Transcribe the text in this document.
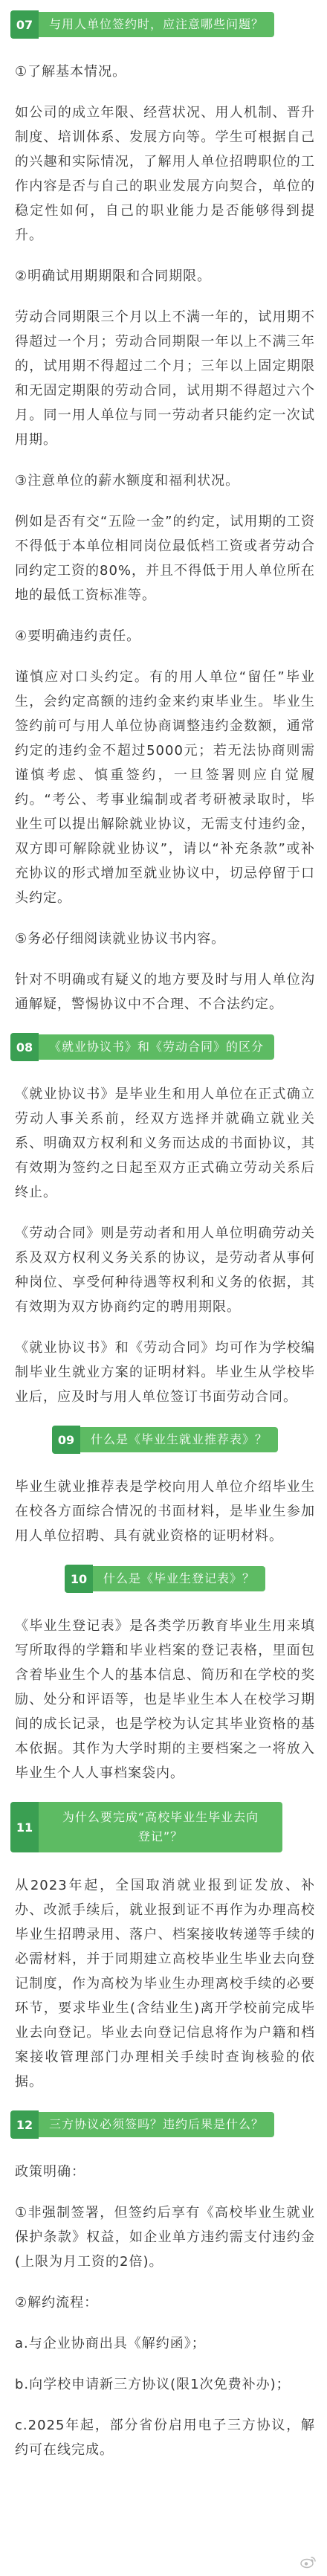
07	与用人单位签约时，应注意哪些问题？

①了解基本情况。

如公司的成立年限、经营状况、用人机制、晋升制度、培训体系、发展方向等。学生可根据自己的兴趣和实际情况，了解用人单位招聘职位的工作内容是否与自己的职业发展方向契合，单位的稳定性如何，自己的职业能力是否能够得到提升。

②明确试用期期限和合同期限。

劳动合同期限三个月以上不满一年的，试用期不得超过一个月；劳动合同期限一年以上不满三年的，试用期不得超过二个月；三年以上固定期限和无固定期限的劳动合同，试用期不得超过六个月。同一用人单位与同一劳动者只能约定一次试用期。

③注意单位的薪水额度和福利状况。

例如是否有交“五险一金”的约定，试用期的工资不得低于本单位相同岗位最低档工资或者劳动合同约定工资的80%，并且不得低于用人单位所在地的最低工资标准等。

④要明确违约责任。

谨慎应对口头约定。有的用人单位“留任”毕业生，会约定高额的违约金来约束毕业生。毕业生签约前可与用人单位协商调整违约金数额，通常约定的违约金不超过5000元；若无法协商则需谨慎考虑、慎重签约，一旦签署则应自觉履约。“考公、考事业编制或者考研被录取时，毕业生可以提出解除就业协议，无需支付违约金，双方即可解除就业协议”，请以“补充条款”或补充协议的形式增加至就业协议中，切忌停留于口头约定。

⑤务必仔细阅读就业协议书内容。

针对不明确或有疑义的地方要及时与用人单位沟通解疑，警惕协议中不合理、不合法约定。

08	《就业协议书》和《劳动合同》的区分

《就业协议书》是毕业生和用人单位在正式确立劳动人事关系前，经双方选择并就确立就业关系、明确双方权利和义务而达成的书面协议，其有效期为签约之日起至双方正式确立劳动关系后终止。

《劳动合同》则是劳动者和用人单位明确劳动关系及双方权利义务关系的协议，是劳动者从事何种岗位、享受何种待遇等权利和义务的依据，其有效期为双方协商约定的聘用期限。

《就业协议书》和《劳动合同》均可作为学校编制毕业生就业方案的证明材料。毕业生从学校毕业后，应及时与用人单位签订书面劳动合同。

09	什么是《毕业生就业推荐表》？

毕业生就业推荐表是学校向用人单位介绍毕业生在校各方面综合情况的书面材料，是毕业生参加用人单位招聘、具有就业资格的证明材料。

10	什么是《毕业生登记表》？

《毕业生登记表》是各类学历教育毕业生用来填写所取得的学籍和毕业档案的登记表格，里面包含着毕业生个人的基本信息、简历和在学校的奖励、处分和评语等，也是毕业生本人在校学习期间的成长记录，也是学校为认定其毕业资格的基本依据。其作为大学时期的主要档案之一将放入毕业生个人人事档案袋内。

11
为什么要完成“高校毕业生毕业去向登记”？

从2023年起，全国取消就业报到证发放、补办、改派手续后，就业报到证不再作为办理高校毕业生招聘录用、落户、档案接收转递等手续的必需材料，并于同期建立高校毕业生毕业去向登记制度，作为高校为毕业生办理离校手续的必要环节，要求毕业生(含结业生)离开学校前完成毕业去向登记。毕业去向登记信息将作为户籍和档案接收管理部门办理相关手续时查询核验的依据。

12	三方协议必须签吗？违约后果是什么？

政策明确：

①非强制签署，但签约后享有《高校毕业生就业保护条款》权益，如企业单方违约需支付违约金(上限为月工资的2倍)。

②解约流程：

a.与企业协商出具《解约函》；

b.向学校申请新三方协议(限1次免费补办)；

c.2025年起，部分省份启用电子三方协议，解约可在线完成。
